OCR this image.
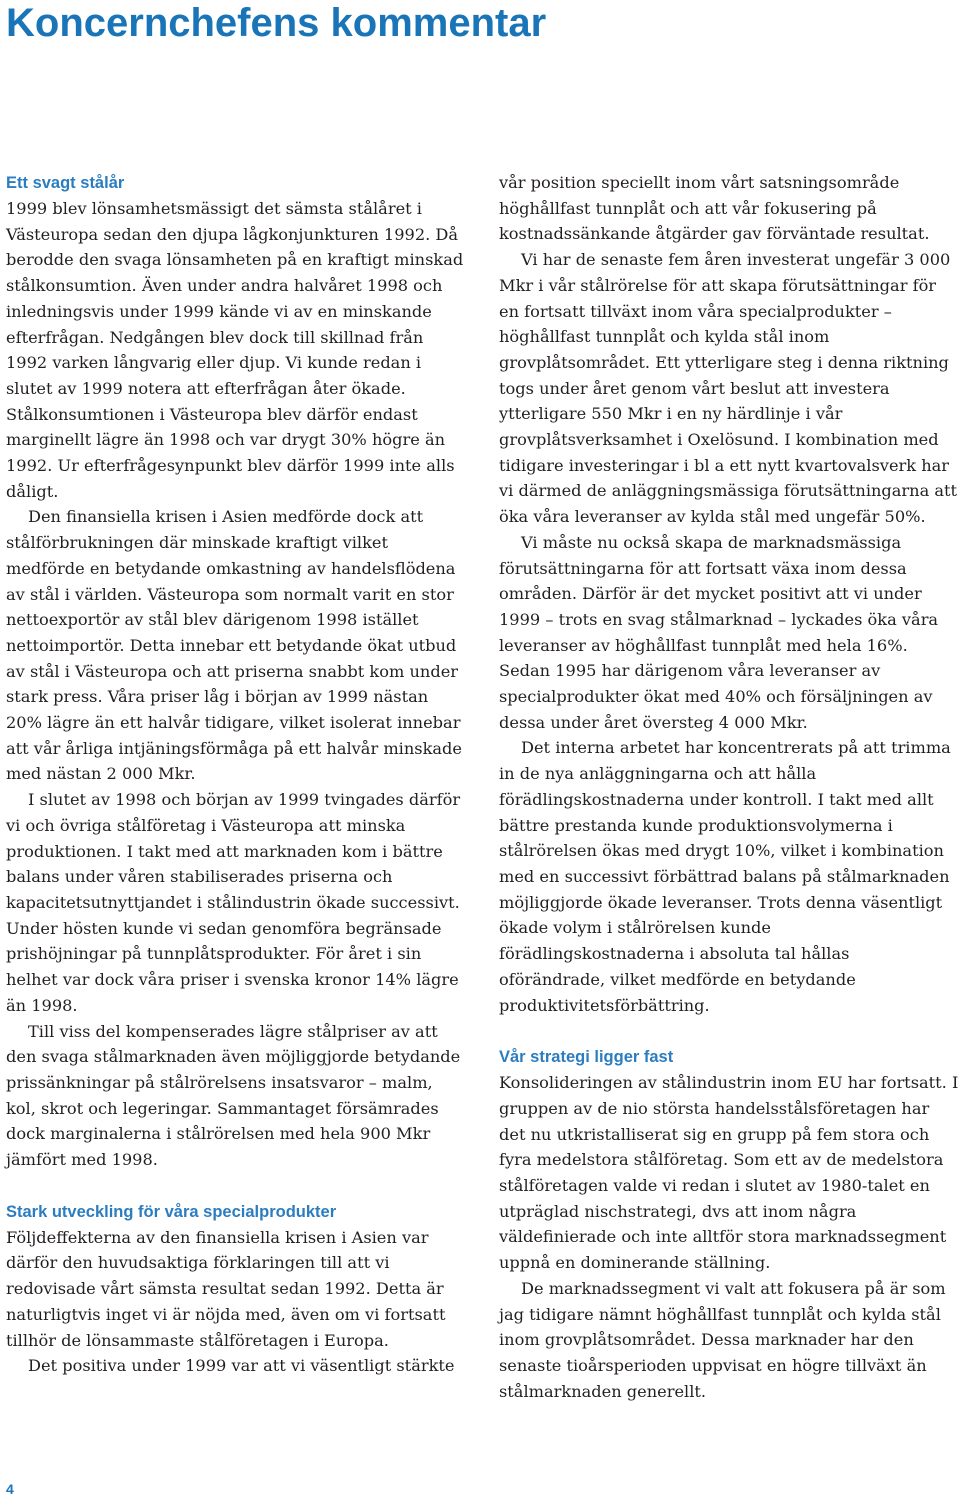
Koncernchefens kommentar
Ett svagt stålår

1999 blev lönsamhetsmässigt det sämsta stålåret i Västeuropa sedan den djupa lågkonjunkturen 1992. Då berodde den svaga lönsamheten på en kraftigt minskad stålkonsumtion. Även under andra halvåret 1998 och inledningsvis under 1999 kände vi av en minskande efterfrågan. Nedgången blev dock till skillnad från 1992 varken långvarig eller djup. Vi kunde redan i slutet av 1999 notera att efterfrågan åter ökade. Stålkonsumtionen i Västeuropa blev därför endast marginellt lägre än 1998 och var drygt 30% högre än 1992. Ur efterfrågesynpunkt blev därför 1999 inte alls dåligt.

Den finansiella krisen i Asien medförde dock att stålförbrukningen där minskade kraftigt vilket medförde en betydande omkastning av handelsflödena av stål i världen. Västeuropa som normalt varit en stor nettoexportör av stål blev därigenom 1998 istället nettoimportör. Detta innebar ett betydande ökat utbud av stål i Västeuropa och att priserna snabbt kom under stark press. Våra priser låg i början av 1999 nästan 20% lägre än ett halvår tidigare, vilket isolerat innebar att vår årliga intjäningsförmåga på ett halvår minskade med nästan 2 000 Mkr.

I slutet av 1998 och början av 1999 tvingades därför vi och övriga stålföretag i Västeuropa att minska produktionen. I takt med att marknaden kom i bättre balans under våren stabiliserades priserna och kapacitetsutnyttjandet i stålindustrin ökade successivt. Under hösten kunde vi sedan genomföra begränsade prishöjningar på tunnplåtsprodukter. För året i sin helhet var dock våra priser i svenska kronor 14% lägre än 1998.

Till viss del kompenserades lägre stålpriser av att den svaga stålmarknaden även möjliggjorde betydande prissänkningar på stålrörelsens insatsvaror – malm, kol, skrot och legeringar. Sammantaget försämrades dock marginalerna i stålrörelsen med hela 900 Mkr jämfört med 1998.

Stark utveckling för våra specialprodukter

Följdeffekterna av den finansiella krisen i Asien var därför den huvudsaktiga förklaringen till att vi redovisade vårt sämsta resultat sedan 1992. Detta är naturligtvis inget vi är nöjda med, även om vi fortsatt tillhör de lönsammaste stålföretagen i Europa.

Det positiva under 1999 var att vi väsentligt stärkte

vår position speciellt inom vårt satsningsområde höghållfast tunnplåt och att vår fokusering på kostnadssänkande åtgärder gav förväntade resultat.

Vi har de senaste fem åren investerat ungefär 3 000 Mkr i vår stålrörelse för att skapa förutsättningar för en fortsatt tillväxt inom våra specialprodukter – höghållfast tunnplåt och kylda stål inom grovplåtsområdet. Ett ytterligare steg i denna riktning togs under året genom vårt beslut att investera ytterligare 550 Mkr i en ny härdlinje i vår grovplåtsverksamhet i Oxelösund. I kombination med tidigare investeringar i bl a ett nytt kvartovalsverk har vi därmed de anläggningsmässiga förutsättningarna att öka våra leveranser av kylda stål med ungefär 50%.

Vi måste nu också skapa de marknadsmässiga förutsättningarna för att fortsatt växa inom dessa områden. Därför är det mycket positivt att vi under 1999 – trots en svag stålmarknad – lyckades öka våra leveranser av höghållfast tunnplåt med hela 16%. Sedan 1995 har därigenom våra leveranser av specialprodukter ökat med 40% och försäljningen av dessa under året översteg 4 000 Mkr.

Det interna arbetet har koncentrerats på att trimma in de nya anläggningarna och att hålla förädlingskostnaderna under kontroll. I takt med allt bättre prestanda kunde produktionsvolymerna i stålrörelsen ökas med drygt 10%, vilket i kombination med en successivt förbättrad balans på stålmarknaden möjliggjorde ökade leveranser. Trots denna väsentligt ökade volym i stålrörelsen kunde förädlingskostnaderna i absoluta tal hållas oförändrade, vilket medförde en betydande produktivitetsförbättring.

Vår strategi ligger fast

Konsolideringen av stålindustrin inom EU har fortsatt. I gruppen av de nio största handelsstålsföretagen har det nu utkristalliserat sig en grupp på fem stora och fyra medelstora stålföretag. Som ett av de medelstora stålföretagen valde vi redan i slutet av 1980-talet en utpräglad nischstrategi, dvs att inom några väldefinierade och inte alltför stora marknadssegment uppnå en dominerande ställning.

De marknadssegment vi valt att fokusera på är som jag tidigare nämnt höghållfast tunnplåt och kylda stål inom grovplåtsområdet. Dessa marknader har den senaste tioårsperioden uppvisat en högre tillväxt än stålmarknaden generellt.

4
